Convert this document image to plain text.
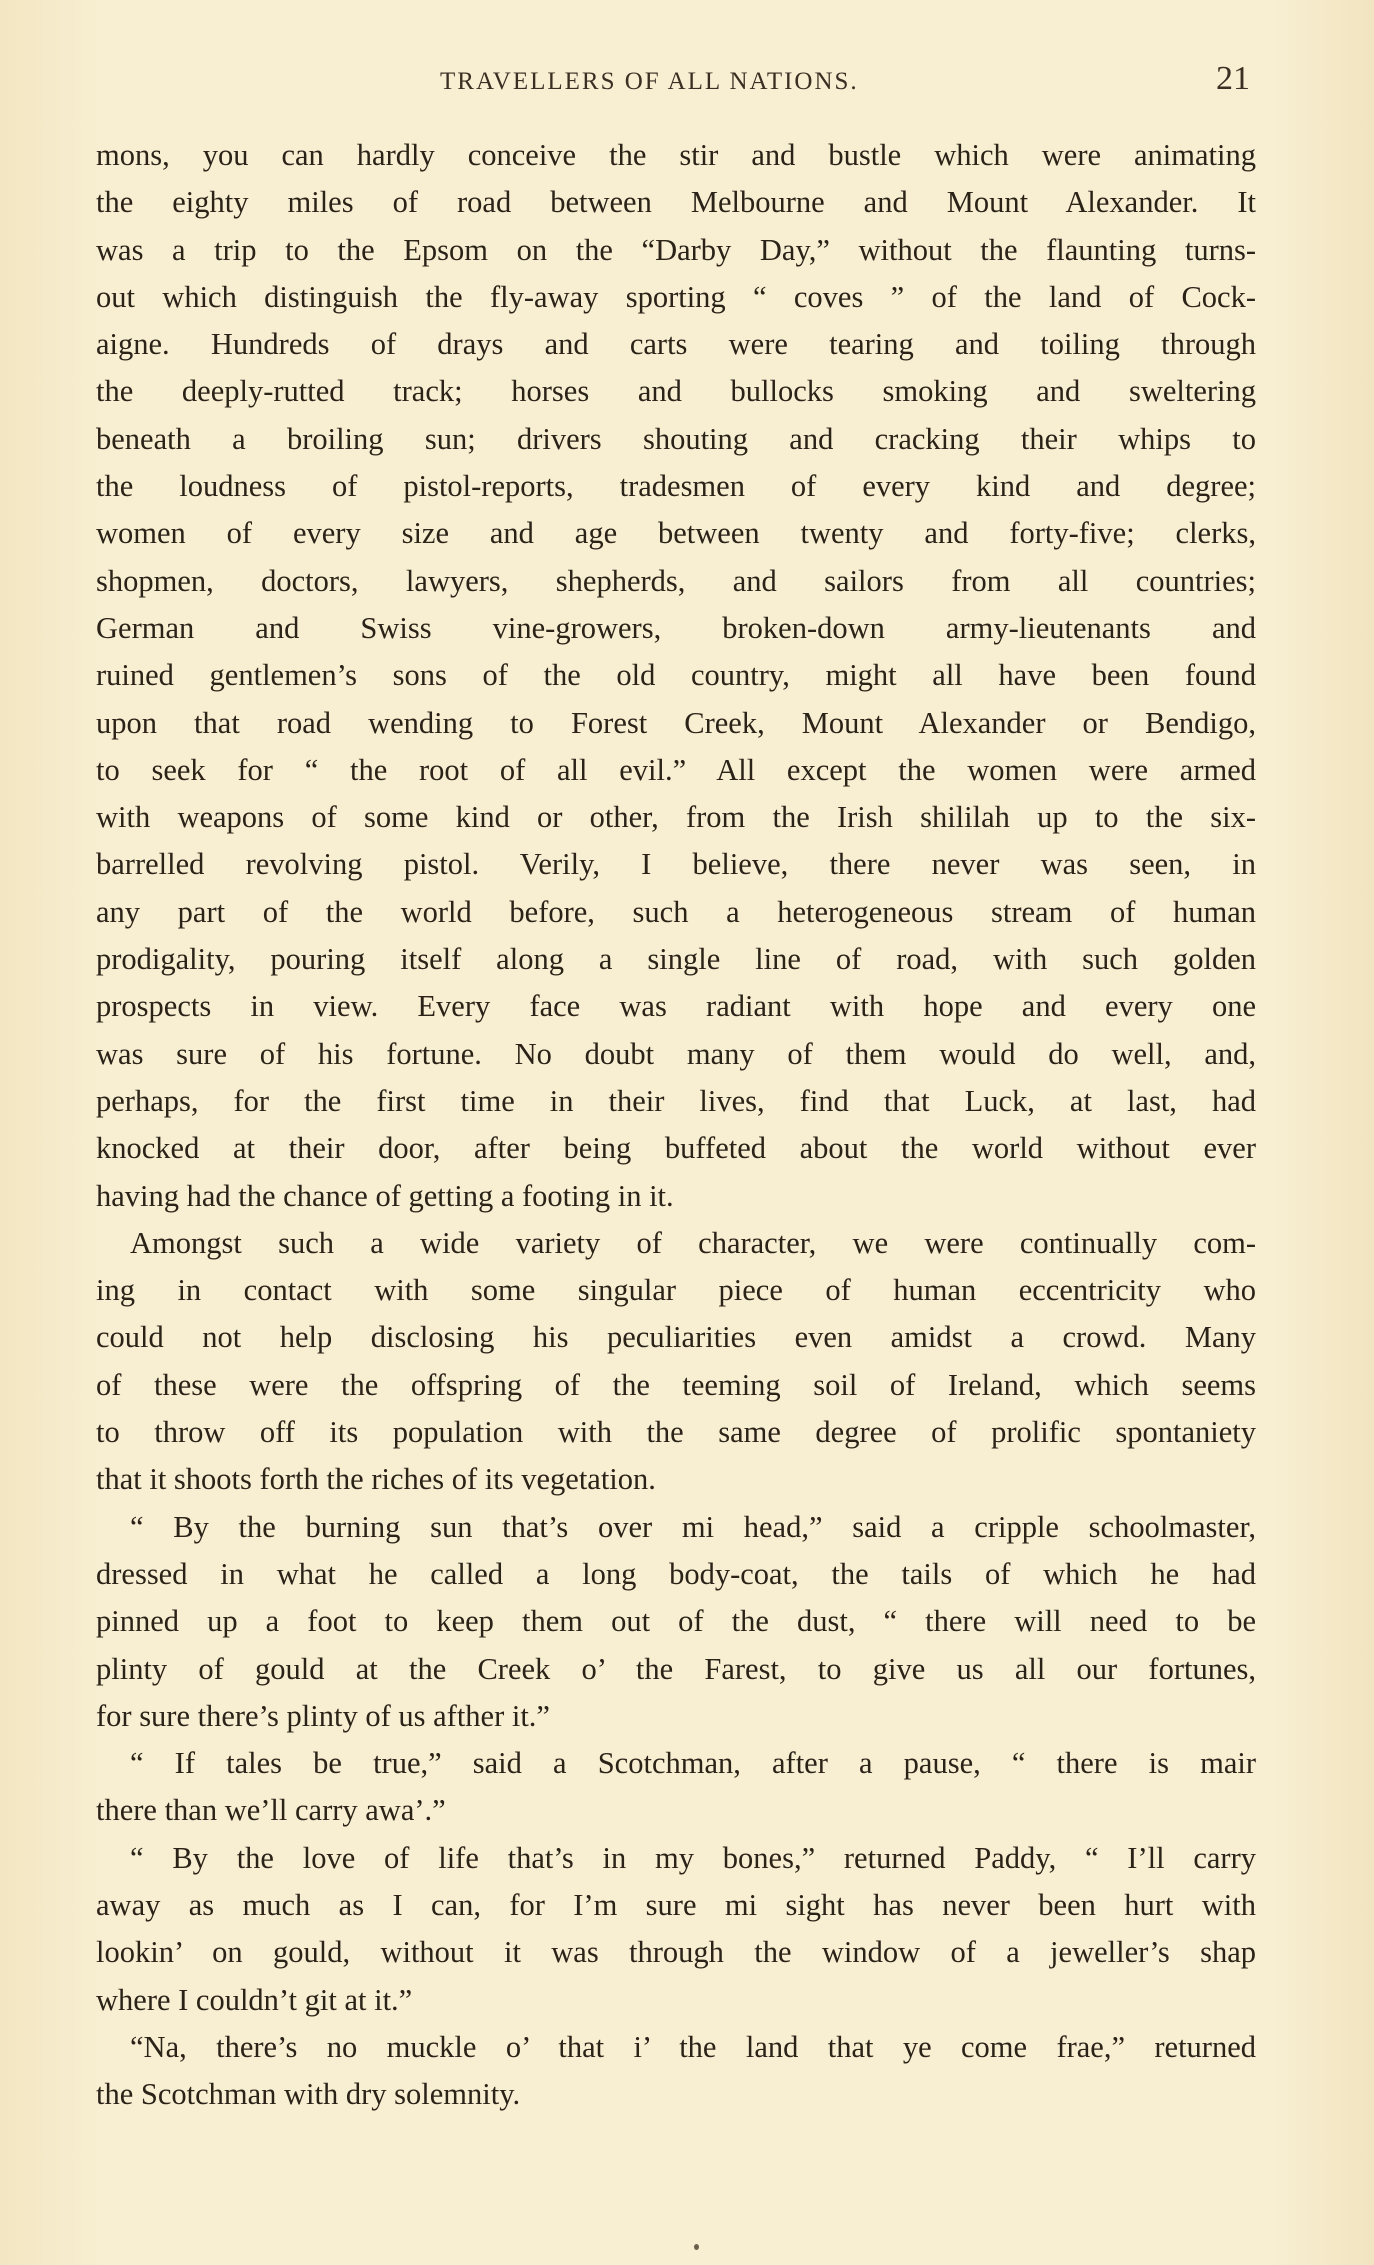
TRAVELLERS OF ALL NATIONS.	21
mons, you can hardly conceive the stir and bustle which were animating
the eighty miles of road between Melbourne and Mount Alexander. It
was a trip to the Epsom on the “Darby Day,” without the flaunting turns-
out which distinguish the fly-away sporting “ coves ” of the land of Cock-
aigne. Hundreds of drays and carts were tearing and toiling through
the deeply-rutted track; horses and bullocks smoking and sweltering
beneath a broiling sun; drivers shouting and cracking their whips to
the loudness of pistol-reports, tradesmen of every kind and degree;
women of every size and age between twenty and forty-five; clerks,
shopmen, doctors, lawyers, shepherds, and sailors from all countries;
German and Swiss vine-growers, broken-down army-lieutenants and
ruined gentlemen’s sons of the old country, might all have been found
upon that road wending to Forest Creek, Mount Alexander or Bendigo,
to seek for “ the root of all evil.” All except the women were armed
with weapons of some kind or other, from the Irish shililah up to the six-
barrelled revolving pistol. Verily, I believe, there never was seen, in
any part of the world before, such a heterogeneous stream of human
prodigality, pouring itself along a single line of road, with such golden
prospects in view. Every face was radiant with hope and every one
was sure of his fortune. No doubt many of them would do well, and,
perhaps, for the first time in their lives, find that Luck, at last, had
knocked at their door, after being buffeted about the world without ever
having had the chance of getting a footing in it.
Amongst such a wide variety of character, we were continually com-
ing in contact with some singular piece of human eccentricity who
could not help disclosing his peculiarities even amidst a crowd. Many
of these were the offspring of the teeming soil of Ireland, which seems
to throw off its population with the same degree of prolific spontaniety
that it shoots forth the riches of its vegetation.
“ By the burning sun that’s over mi head,” said a cripple schoolmaster,
dressed in what he called a long body-coat, the tails of which he had
pinned up a foot to keep them out of the dust, “ there will need to be
plinty of gould at the Creek o’ the Farest, to give us all our fortunes,
for sure there’s plinty of us afther it.”
“ If tales be true,” said a Scotchman, after a pause, “ there is mair
there than we’ll carry awa’.”
“ By the love of life that’s in my bones,” returned Paddy, “ I’ll carry
away as much as I can, for I’m sure mi sight has never been hurt with
lookin’ on gould, without it was through the window of a jeweller’s shap
where I couldn’t git at it.”
“Na, there’s no muckle o’ that i’ the land that ye come frae,” returned
the Scotchman with dry solemnity.
